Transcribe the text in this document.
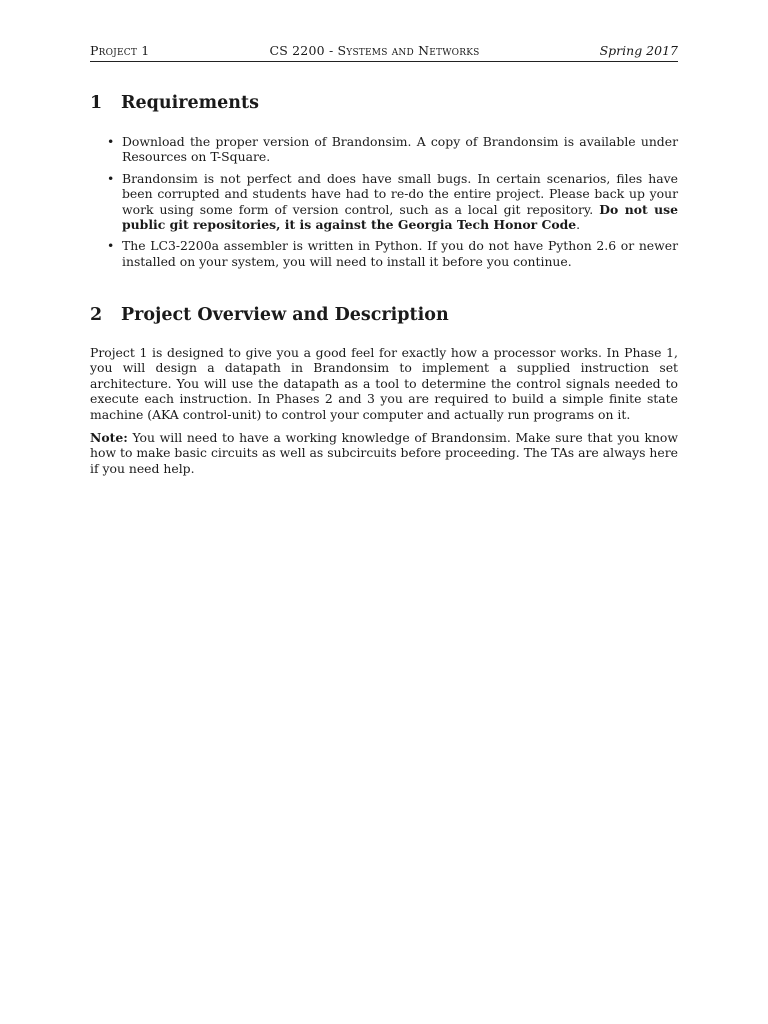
Project 1	CS 2200 - Systems and Networks	Spring 2017
1	Requirements
• Download the proper version of Brandonsim. A copy of Brandonsim is available under Resources on T-Square.
• Brandonsim is not perfect and does have small bugs. In certain scenarios, files have been corrupted and students have had to re-do the entire project. Please back up your work using some form of version control, such as a local git repository. Do not use public git repositories, it is against the Georgia Tech Honor Code.
• The LC3-2200a assembler is written in Python. If you do not have Python 2.6 or newer installed on your system, you will need to install it before you continue.
2	Project Overview and Description

Project 1 is designed to give you a good feel for exactly how a processor works. In Phase 1, you will design a datapath in Brandonsim to implement a supplied instruction set architecture. You will use the datapath as a tool to determine the control signals needed to execute each instruction. In Phases 2 and 3 you are required to build a simple finite state machine (AKA control-unit) to control your computer and actually run programs on it.

Note: You will need to have a working knowledge of Brandonsim. Make sure that you know how to make basic circuits as well as subcircuits before proceeding. The TAs are always here if you need help.
